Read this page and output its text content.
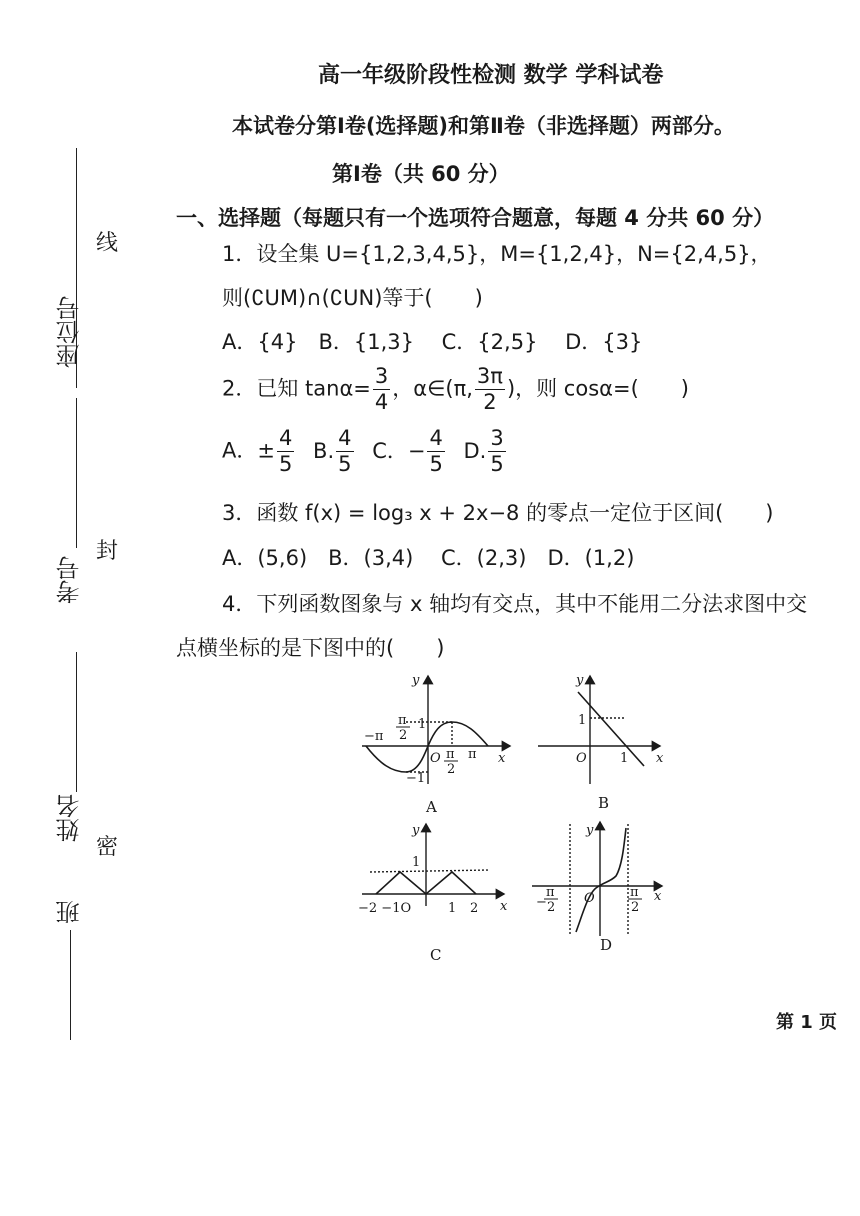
座位号
考号
姓名
班
线
封
密
高一年级阶段性检测 数学 学科试卷
本试卷分第Ⅰ卷(选择题)和第Ⅱ卷（非选择题）两部分。
第Ⅰ卷（共 60 分）
一、选择题（每题只有一个选项符合题意，每题 4 分共 60 分）
1．设全集 U={1,2,3,4,5}，M={1,2,4}，N={2,4,5}，
则(∁UM)∩(∁UN)等于(　　)
A．{4}　B．{1,3}　 C．{2,5}　 D．{3}
2．已知 $\tan\alpha= \frac{3}{4}$ ，α∈(π, $\frac{3\pi}{2}$ )，则 cosα=(　　)
A．± $\frac{4}{5} B$. $\frac{4}{5}$ C．− $\frac{4}{5} D$. $\frac{3}{5}$
3．函数 f(x) = log₃ x + 2x−8 的零点一定位于区间(　　)
A．(5,6)　B．(3,4)　 C．(2,3)　D．(1,2)
4．下列函数图象与 x 轴均有交点，其中不能用二分法求图中交
点横坐标的是下图中的(　　)
y
x
O
−π
π
2
1
−1
π
2
π
A
y
x
O
1
1
B
y
x
1
−2 −1O	1 2
C
y
x
O
−
π
2
π
2
D
第 1 页
